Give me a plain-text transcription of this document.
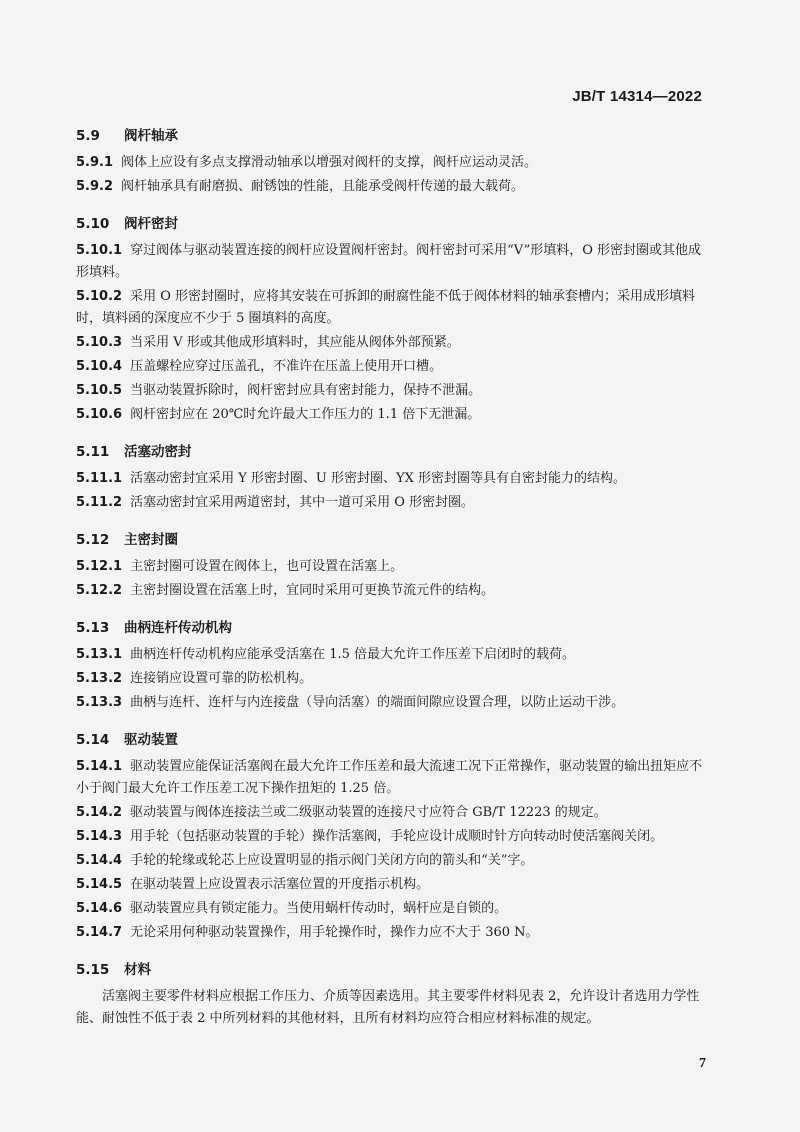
JB/T 14314—2022
5.9 阀杆轴承

5.9.1 阀体上应设有多点支撑滑动轴承以增强对阀杆的支撑，阀杆应运动灵活。

5.9.2 阀杆轴承具有耐磨损、耐锈蚀的性能，且能承受阀杆传递的最大载荷。

5.10 阀杆密封

5.10.1 穿过阀体与驱动装置连接的阀杆应设置阀杆密封。阀杆密封可采用“V”形填料，O 形密封圈或其他成形填料。

5.10.2 采用 O 形密封圈时，应将其安装在可拆卸的耐腐性能不低于阀体材料的轴承套槽内；采用成形填料时，填料函的深度应不少于 5 圈填料的高度。

5.10.3 当采用 V 形或其他成形填料时，其应能从阀体外部预紧。

5.10.4 压盖螺栓应穿过压盖孔，不准许在压盖上使用开口槽。

5.10.5 当驱动装置拆除时，阀杆密封应具有密封能力，保持不泄漏。

5.10.6 阀杆密封应在 20℃时允许最大工作压力的 1.1 倍下无泄漏。

5.11 活塞动密封

5.11.1 活塞动密封宜采用 Y 形密封圈、U 形密封圈、YX 形密封圈等具有自密封能力的结构。

5.11.2 活塞动密封宜采用两道密封，其中一道可采用 O 形密封圈。

5.12 主密封圈

5.12.1 主密封圈可设置在阀体上，也可设置在活塞上。

5.12.2 主密封圈设置在活塞上时，宜同时采用可更换节流元件的结构。

5.13 曲柄连杆传动机构

5.13.1 曲柄连杆传动机构应能承受活塞在 1.5 倍最大允许工作压差下启闭时的载荷。

5.13.2 连接销应设置可靠的防松机构。

5.13.3 曲柄与连杆、连杆与内连接盘（导向活塞）的端面间隙应设置合理，以防止运动干涉。

5.14 驱动装置

5.14.1 驱动装置应能保证活塞阀在最大允许工作压差和最大流速工况下正常操作，驱动装置的输出扭矩应不小于阀门最大允许工作压差工况下操作扭矩的 1.25 倍。

5.14.2 驱动装置与阀体连接法兰或二级驱动装置的连接尺寸应符合 GB/T 12223 的规定。

5.14.3 用手轮（包括驱动装置的手轮）操作活塞阀，手轮应设计成顺时针方向转动时使活塞阀关闭。

5.14.4 手轮的轮缘或轮芯上应设置明显的指示阀门关闭方向的箭头和“关”字。

5.14.5 在驱动装置上应设置表示活塞位置的开度指示机构。

5.14.6 驱动装置应具有锁定能力。当使用蜗杆传动时，蜗杆应是自锁的。

5.14.7 无论采用何种驱动装置操作，用手轮操作时，操作力应不大于 360 N。

5.15 材料

活塞阀主要零件材料应根据工作压力、介质等因素选用。其主要零件材料见表 2，允许设计者选用力学性能、耐蚀性不低于表 2 中所列材料的其他材料，且所有材料均应符合相应材料标准的规定。

7
